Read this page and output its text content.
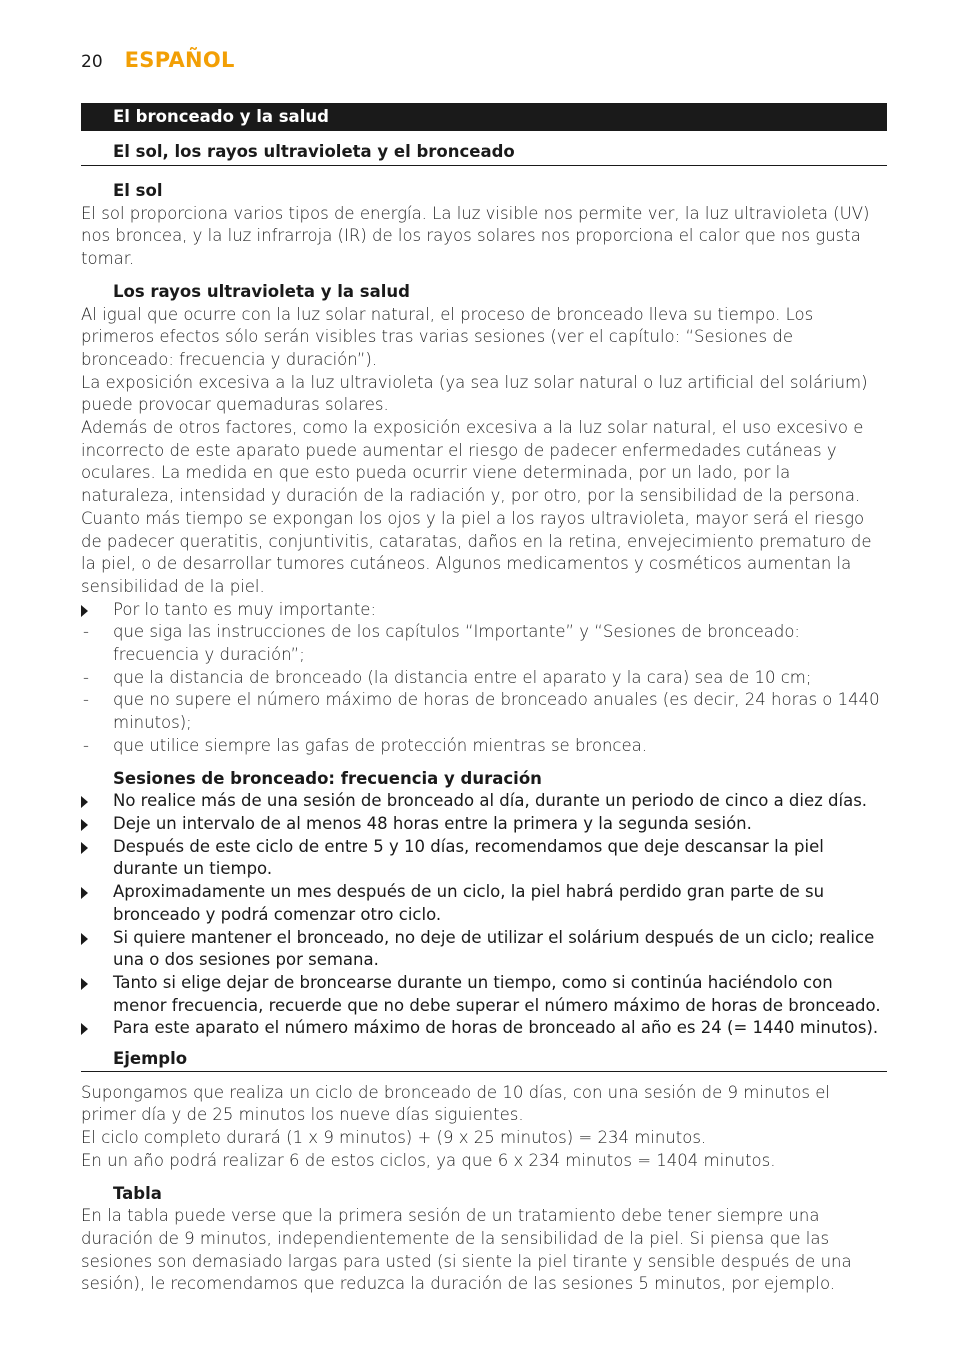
20 ESPAÑOL
El bronceado y la salud
El sol, los rayos ultravioleta y el bronceado
El sol

El sol proporciona varios tipos de energía. La luz visible nos permite ver, la luz ultravioleta (UV) nos broncea, y la luz infrarroja (IR) de los rayos solares nos proporciona el calor que nos gusta tomar.

Los rayos ultravioleta y la salud

Al igual que ocurre con la luz solar natural, el proceso de bronceado lleva su tiempo. Los primeros efectos sólo serán visibles tras varias sesiones (ver el capítulo: “Sesiones de bronceado: frecuencia y duración”).

La exposición excesiva a la luz ultravioleta (ya sea luz solar natural o luz artificial del solárium) puede provocar quemaduras solares.

Además de otros factores, como la exposición excesiva a la luz solar natural, el uso excesivo e incorrecto de este aparato puede aumentar el riesgo de padecer enfermedades cutáneas y oculares. La medida en que esto pueda ocurrir viene determinada, por un lado, por la naturaleza, intensidad y duración de la radiación y, por otro, por la sensibilidad de la persona.

Cuanto más tiempo se expongan los ojos y la piel a los rayos ultravioleta, mayor será el riesgo de padecer queratitis, conjuntivitis, cataratas, daños en la retina, envejecimiento prematuro de la piel, o de desarrollar tumores cutáneos. Algunos medicamentos y cosméticos aumentan la sensibilidad de la piel.

Por lo tanto es muy importante:
-	que siga las instrucciones de los capítulos “Importante” y “Sesiones de bronceado: frecuencia y duración”;
-	que la distancia de bronceado (la distancia entre el aparato y la cara) sea de 10 cm;
-	que no supere el número máximo de horas de bronceado anuales (es decir, 24 horas o 1440 minutos);
-	que utilice siempre las gafas de protección mientras se broncea.
Sesiones de bronceado: frecuencia y duración
No realice más de una sesión de bronceado al día, durante un periodo de cinco a diez días.
Deje un intervalo de al menos 48 horas entre la primera y la segunda sesión.
Después de este ciclo de entre 5 y 10 días, recomendamos que deje descansar la piel durante un tiempo.
Aproximadamente un mes después de un ciclo, la piel habrá perdido gran parte de su bronceado y podrá comenzar otro ciclo.
Si quiere mantener el bronceado, no deje de utilizar el solárium después de un ciclo; realice una o dos sesiones por semana.
Tanto si elige dejar de broncearse durante un tiempo, como si continúa haciéndolo con menor frecuencia, recuerde que no debe superar el número máximo de horas de bronceado.
Para este aparato el número máximo de horas de bronceado al año es 24 (= 1440 minutos).
Ejemplo

Supongamos que realiza un ciclo de bronceado de 10 días, con una sesión de 9 minutos el primer día y de 25 minutos los nueve días siguientes.

El ciclo completo durará (1 x 9 minutos) + (9 x 25 minutos) = 234 minutos.

En un año podrá realizar 6 de estos ciclos, ya que 6 x 234 minutos = 1404 minutos.

Tabla

En la tabla puede verse que la primera sesión de un tratamiento debe tener siempre una duración de 9 minutos, independientemente de la sensibilidad de la piel. Si piensa que las sesiones son demasiado largas para usted (si siente la piel tirante y sensible después de una sesión), le recomendamos que reduzca la duración de las sesiones 5 minutos, por ejemplo.
